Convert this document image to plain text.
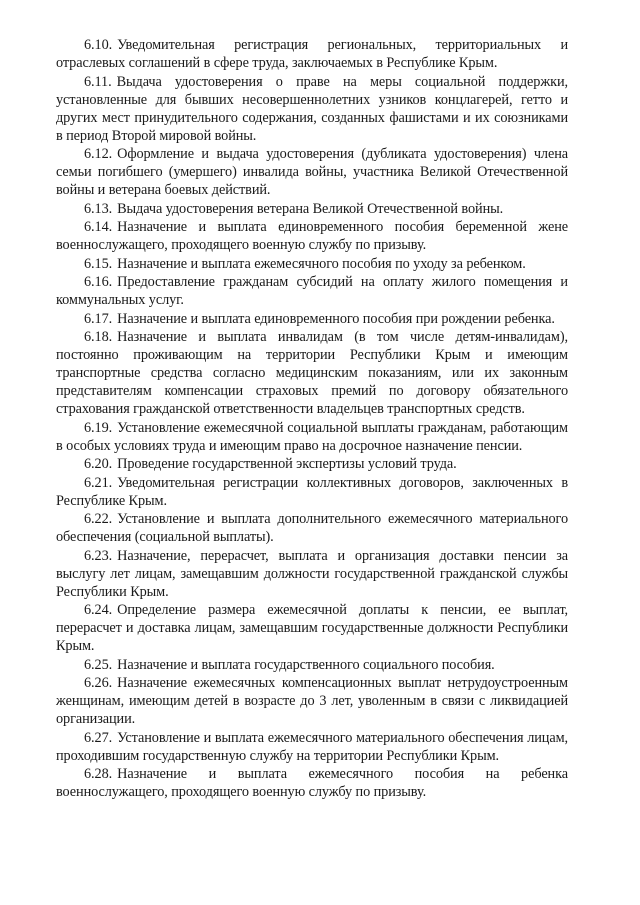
6.10. Уведомительная регистрация региональных, территориальных и отраслевых соглашений в сфере труда, заключаемых в Республике Крым.

6.11. Выдача удостоверения о праве на меры социальной поддержки, установленные для бывших несовершеннолетних узников концлагерей, гетто и других мест принудительного содержания, созданных фашистами и их союзниками в период Второй мировой войны.

6.12. Оформление и выдача удостоверения (дубликата удостоверения) члена семьи погибшего (умершего) инвалида войны, участника Великой Отечественной войны и ветерана боевых действий.

6.13. Выдача удостоверения ветерана Великой Отечественной войны.

6.14. Назначение и выплата единовременного пособия беременной жене военнослужащего, проходящего военную службу по призыву.

6.15. Назначение и выплата ежемесячного пособия по уходу за ребенком.

6.16. Предоставление гражданам субсидий на оплату жилого помещения и коммунальных услуг.

6.17. Назначение и выплата единовременного пособия при рождении ребенка.

6.18. Назначение и выплата инвалидам (в том числе детям-инвалидам), постоянно проживающим на территории Республики Крым и имеющим транспортные средства согласно медицинским показаниям, или их законным представителям компенсации страховых премий по договору обязательного страхования гражданской ответственности владельцев транспортных средств.

6.19. Установление ежемесячной социальной выплаты гражданам, работающим в особых условиях труда и имеющим право на досрочное назначение пенсии.

6.20. Проведение государственной экспертизы условий труда.

6.21. Уведомительная регистрации коллективных договоров, заключенных в Республике Крым.

6.22. Установление и выплата дополнительного ежемесячного материального обеспечения (социальной выплаты).

6.23. Назначение, перерасчет, выплата и организация доставки пенсии за выслугу лет лицам, замещавшим должности государственной гражданской службы Республики Крым.

6.24. Определение размера ежемесячной доплаты к пенсии, ее выплат, перерасчет и доставка лицам, замещавшим государственные должности Республики Крым.

6.25. Назначение и выплата государственного социального пособия.

6.26. Назначение ежемесячных компенсационных выплат нетрудоустроенным женщинам, имеющим детей в возрасте до 3 лет, уволенным в связи с ликвидацией организации.

6.27. Установление и выплата ежемесячного материального обеспечения лицам, проходившим государственную службу на территории Республики Крым.

6.28. Назначение и выплата ежемесячного пособия на ребенка военнослужащего, проходящего военную службу по призыву.
